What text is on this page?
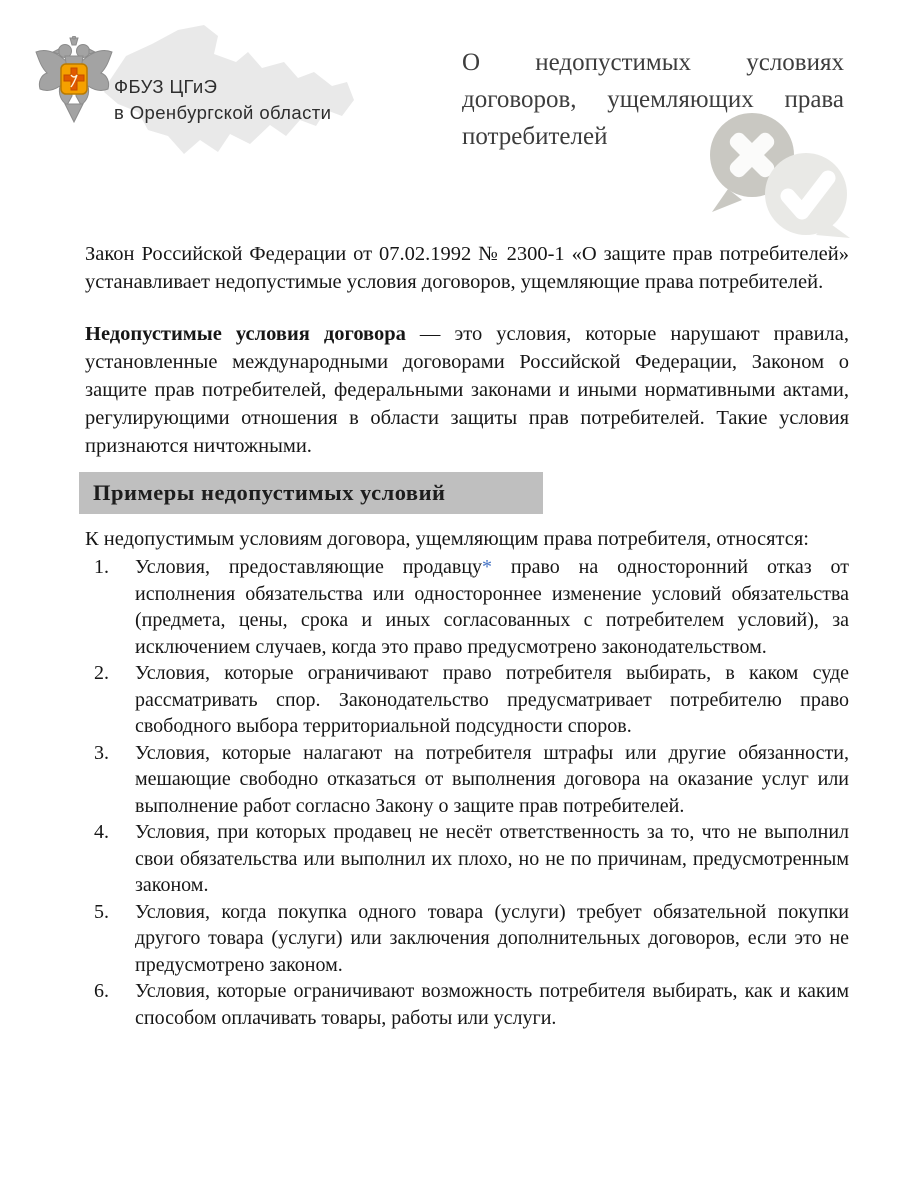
ФБУЗ ЦГиЭ
в Оренбургской области
О недопустимых условиях договоров, ущемляющих права потребителей

Закон Российской Федерации от 07.02.1992 № 2300-1 «О защите прав потребителей» устанавливает недопустимые условия договоров, ущемляющие права потребителей.

Недопустимые условия договора — это условия, которые нарушают правила, установленные международными договорами Российской Федерации, Законом о защите прав потребителей, федеральными законами и иными нормативными актами, регулирующими отношения в области защиты прав потребителей. Такие условия признаются ничтожными.

Примеры недопустимых условий

К недопустимым условиям договора, ущемляющим права потребителя, относятся:

1. Условия, предоставляющие продавцу* право на односторонний отказ от исполнения обязательства или одностороннее изменение условий обязательства (предмета, цены, срока и иных согласованных с потребителем условий), за исключением случаев, когда это право предусмотрено законодательством.
2. Условия, которые ограничивают право потребителя выбирать, в каком суде рассматривать спор. Законодательство предусматривает потребителю право свободного выбора территориальной подсудности споров.
3. Условия, которые налагают на потребителя штрафы или другие обязанности, мешающие свободно отказаться от выполнения договора на оказание услуг или выполнение работ согласно Закону о защите прав потребителей.
4. Условия, при которых продавец не несёт ответственность за то, что не выполнил свои обязательства или выполнил их плохо, но не по причинам, предусмотренным законом.
5. Условия, когда покупка одного товара (услуги) требует обязательной покупки другого товара (услуги) или заключения дополнительных договоров, если это не предусмотрено законом.
6. Условия, которые ограничивают возможность потребителя выбирать, как и каким способом оплачивать товары, работы или услуги.
